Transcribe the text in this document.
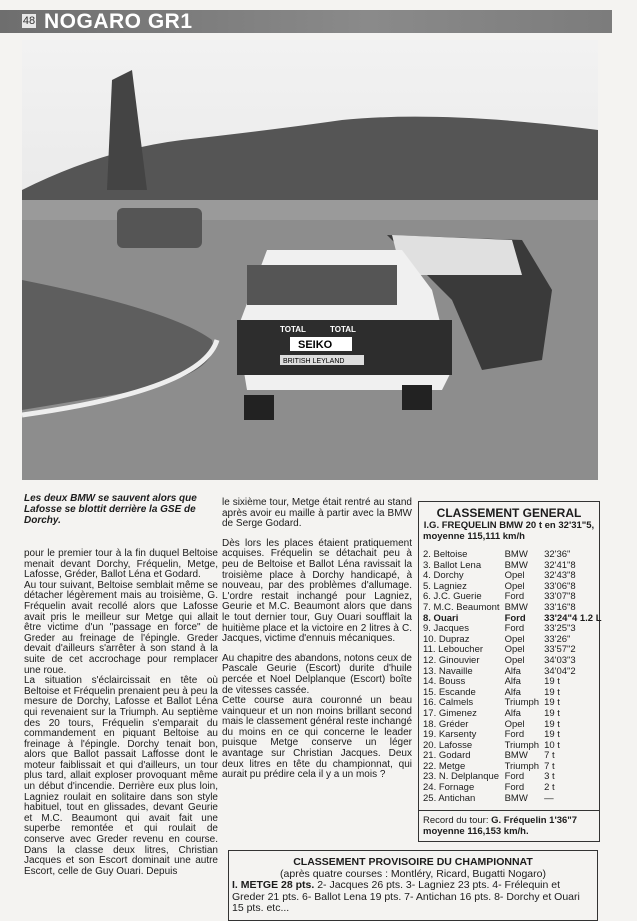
48 NOGARO GR1
TOTAL	TOTAL
SEIKO
BRITISH LEYLAND
Les deux BMW se sauvent alors que Lafosse se blottit derrière la GSE de Dorchy.

pour le premier tour à la fin duquel Beltoise menait devant Dorchy, Fréquelin, Metge, Lafosse, Gréder, Ballot Léna et Godard.

Au tour suivant, Beltoise semblait même se détacher légèrement mais au troisième, G. Fréquelin avait recollé alors que Lafosse avait pris le meilleur sur Metge qui allait être victime d'un "passage en force" de Greder au freinage de l'épingle. Greder devait d'ailleurs s'arrêter à son stand à la suite de cet accrochage pour remplacer une roue.

La situation s'éclaircissait en tête où Beltoise et Fréquelin prenaient peu à peu la mesure de Dorchy, Lafosse et Ballot Léna qui revenaient sur la Triumph. Au septième des 20 tours, Fréquelin s'emparait du commandement en piquant Beltoise au freinage à l'épingle. Dorchy tenait bon, alors que Ballot passait Laffosse dont le moteur faiblissait et qui d'ailleurs, un tour plus tard, allait exploser provoquant même un début d'incendie. Derrière eux plus loin, Lagniez roulait en solitaire dans son style habituel, tout en glissades, devant Geurie et M.C. Beaumont qui avait fait une superbe remontée et qui roulait de conserve avec Greder revenu en course. Dans la classe deux litres, Christian Jacques et son Escort dominait une autre Escort, celle de Guy Ouari. Depuis

le sixième tour, Metge était rentré au stand après avoir eu maille à partir avec la BMW de Serge Godard.

Dès lors les places étaient pratiquement acquises. Fréquelin se détachait peu à peu de Beltoise et Ballot Léna ravissait la troisième place à Dorchy handicapé, à nouveau, par des problèmes d'allumage. L'ordre restait inchangé pour Lagniez, Geurie et M.C. Beaumont alors que dans le tout dernier tour, Guy Ouari soufflait la huitième place et la victoire en 2 litres à C. Jacques, victime d'ennuis mécaniques.

Au chapitre des abandons, notons ceux de Pascale Geurie (Escort) durite d'huile percée et Noel Delplanque (Escort) boîte de vitesses cassée.

Cette course aura couronné un beau vainqueur et un non moins brillant second mais le classement général reste inchangé du moins en ce qui concerne le leader puisque Metge conserve un léger avantage sur Christian Jacques. Deux deux litres en tête du championnat, qui aurait pu prédire cela il y a un mois ?

CLASSEMENT GENERAL
I.G. FREQUELIN BMW 20 t en 32'31"5,
moyenne 115,111 km/h
2. Beltoise	BMW	32'36"
3. Ballot Lena	BMW	32'41"8
4. Dorchy	Opel	32'43"8
5. Lagniez	Opel	33'06"8
6. J.C. Guerie	Ford	33'07"8
7. M.C. Beaumont	BMW	33'16"8
8. Ouari	Ford	33'24"4 1.2 L
9. Jacques	Ford	33'25"3
10. Dupraz	Opel	33'26"
11. Leboucher	Opel	33'57"2
12. Ginouvier	Opel	34'03"3
13. Navaille	Alfa	34'04"2
14. Bouss	Alfa	19 t
15. Escande	Alfa	19 t
16. Calmels	Triumph	19 t
17. Gimenez	Alfa	19 t
18. Gréder	Opel	19 t
19. Karsenty	Ford	19 t
20. Lafosse	Triumph	10 t
21. Godard	BMW	7 t
22. Metge	Triumph	7 t
23. N. Delplanque	Ford	3 t
24. Fornage	Ford	2 t
25. Antichan	BMW	—
Record du tour: G. Fréquelin 1'36"7
moyenne 116,153 km/h.
CLASSEMENT PROVISOIRE DU CHAMPIONNAT
(après quatre courses : Montléry, Ricard, Bugatti Nogaro)
I. METGE 28 pts. 2- Jacques 26 pts. 3- Lagniez 23 pts. 4- Frélequin et Greder 21 pts. 6- Ballot Lena 19 pts. 7- Antichan 16 pts. 8- Dorchy et Ouari 15 pts. etc...
